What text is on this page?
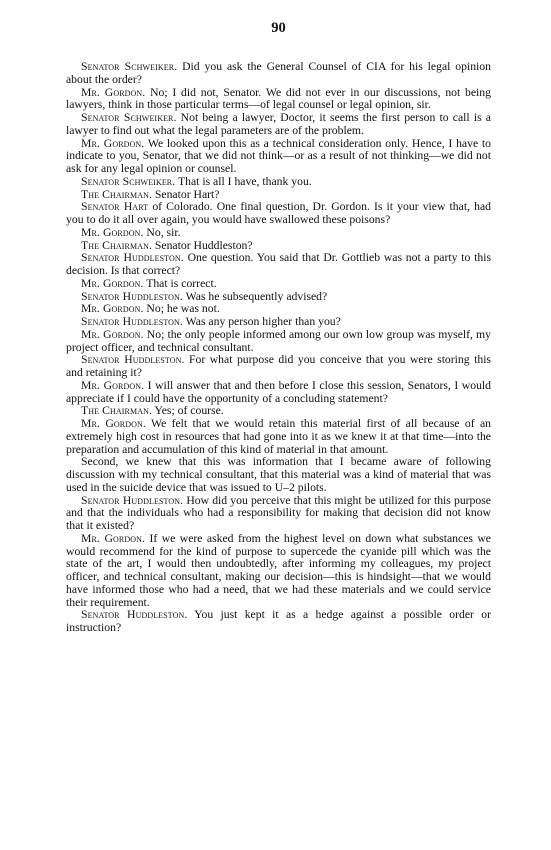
90

Senator Schweiker. Did you ask the General Counsel of CIA for his legal opinion about the order?

Mr. Gordon. No; I did not, Senator. We did not ever in our discussions, not being lawyers, think in those particular terms—of legal counsel or legal opinion, sir.

Senator Schweiker. Not being a lawyer, Doctor, it seems the first person to call is a lawyer to find out what the legal parameters are of the problem.

Mr. Gordon. We looked upon this as a technical consideration only. Hence, I have to indicate to you, Senator, that we did not think—or as a result of not thinking—we did not ask for any legal opinion or counsel.

Senator Schweiker. That is all I have, thank you.

The Chairman. Senator Hart?

Senator Hart of Colorado. One final question, Dr. Gordon. Is it your view that, had you to do it all over again, you would have swallowed these poisons?

Mr. Gordon. No, sir.

The Chairman. Senator Huddleston?

Senator Huddleston. One question. You said that Dr. Gottlieb was not a party to this decision. Is that correct?

Mr. Gordon. That is correct.

Senator Huddleston. Was he subsequently advised?

Mr. Gordon. No; he was not.

Senator Huddleston. Was any person higher than you?

Mr. Gordon. No; the only people informed among our own low group was myself, my project officer, and technical consultant.

Senator Huddleston. For what purpose did you conceive that you were storing this and retaining it?

Mr. Gordon. I will answer that and then before I close this session, Senators, I would appreciate if I could have the opportunity of a concluding statement?

The Chairman. Yes; of course.

Mr. Gordon. We felt that we would retain this material first of all because of an extremely high cost in resources that had gone into it as we knew it at that time—into the preparation and accumulation of this kind of material in that amount.

Second, we knew that this was information that I became aware of following discussion with my technical consultant, that this material was a kind of material that was used in the suicide device that was issued to U–2 pilots.

Senator Huddleston. How did you perceive that this might be utilized for this purpose and that the individuals who had a responsibility for making that decision did not know that it existed?

Mr. Gordon. If we were asked from the highest level on down what substances we would recommend for the kind of purpose to supercede the cyanide pill which was the state of the art, I would then undoubtedly, after informing my colleagues, my project officer, and technical consultant, making our decision—this is hindsight—that we would have informed those who had a need, that we had these materials and we could service their requirement.

Senator Huddleston. You just kept it as a hedge against a possible order or instruction?
